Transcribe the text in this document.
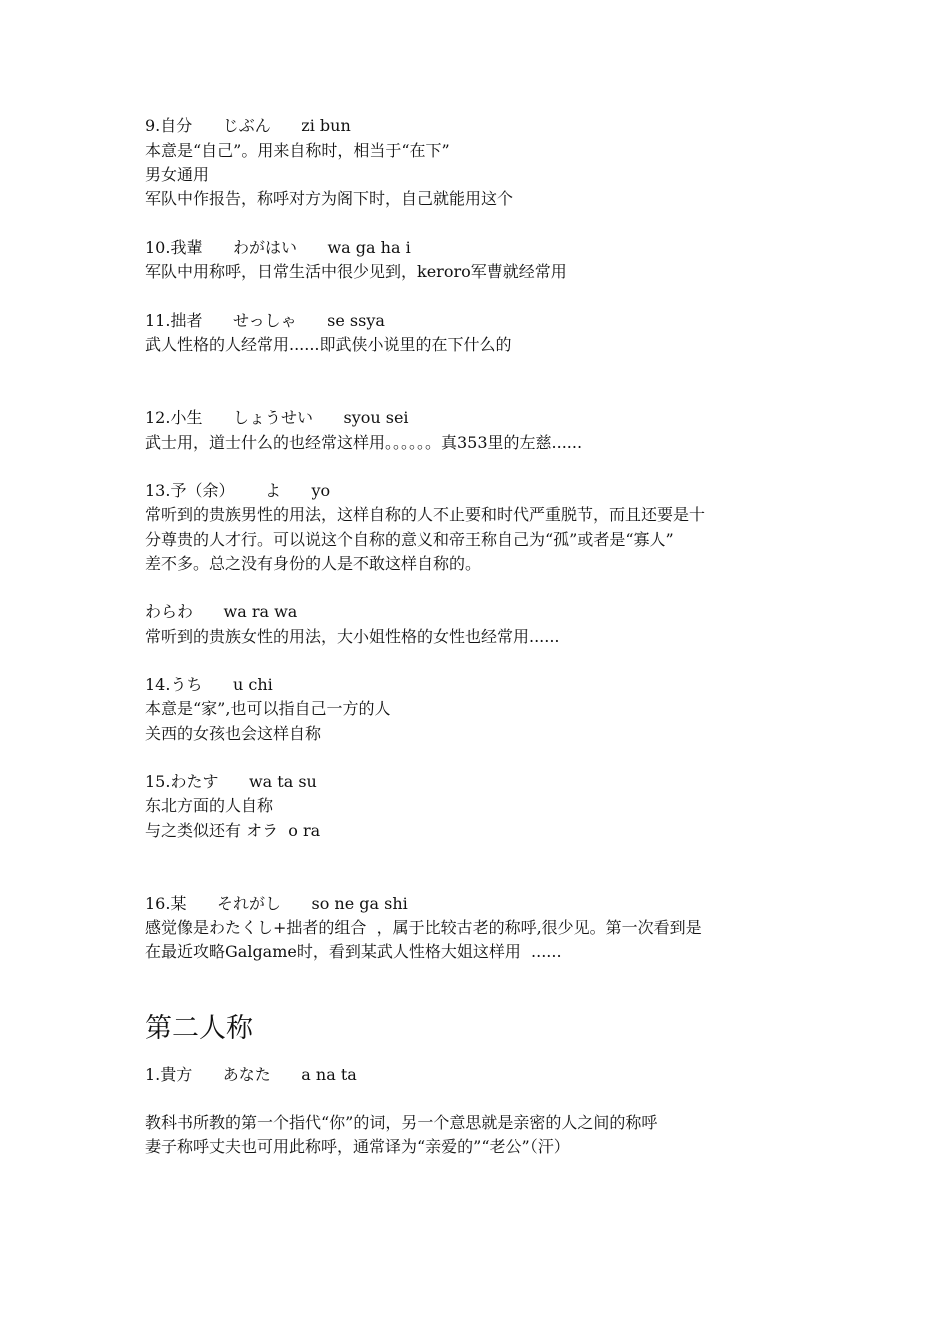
9.自分      じぶん      zi bun
本意是“自己”。用来自称时，相当于“在下”
男女通用
军队中作报告，称呼对方为阁下时，自己就能用这个
10.我輩      わがはい      wa ga ha i
军队中用称呼，日常生活中很少见到，keroro军曹就经常用
11.拙者      せっしゃ      se ssya
武人性格的人经常用......即武侠小说里的在下什么的
12.小生      しょうせい      syou sei
武士用，道士什么的也经常这样用。。。。。。真353里的左慈......
13.予（余）      よ      yo
常听到的贵族男性的用法，这样自称的人不止要和时代严重脱节，而且还要是十
分尊贵的人才行。可以说这个自称的意义和帝王称自己为“孤”或者是“寡人”
差不多。总之没有身份的人是不敢这样自称的。
わらわ      wa ra wa
常听到的贵族女性的用法，大小姐性格的女性也经常用......
14.うち      u chi
本意是“家”,也可以指自己一方的人
关西的女孩也会这样自称
15.わたす      wa ta su
东北方面的人自称
与之类似还有 オラ  o ra
16.某      それがし      so ne ga shi
感觉像是わたくし+拙者的组合  ，属于比较古老的称呼,很少见。第一次看到是
在最近攻略Galgame时，看到某武人性格大姐这样用  ......
第二人称
1.貴方      あなた      a na ta
教科书所教的第一个指代“你”的词，另一个意思就是亲密的人之间的称呼
妻子称呼丈夫也可用此称呼，通常译为“亲爱的”“老公”（汗）
